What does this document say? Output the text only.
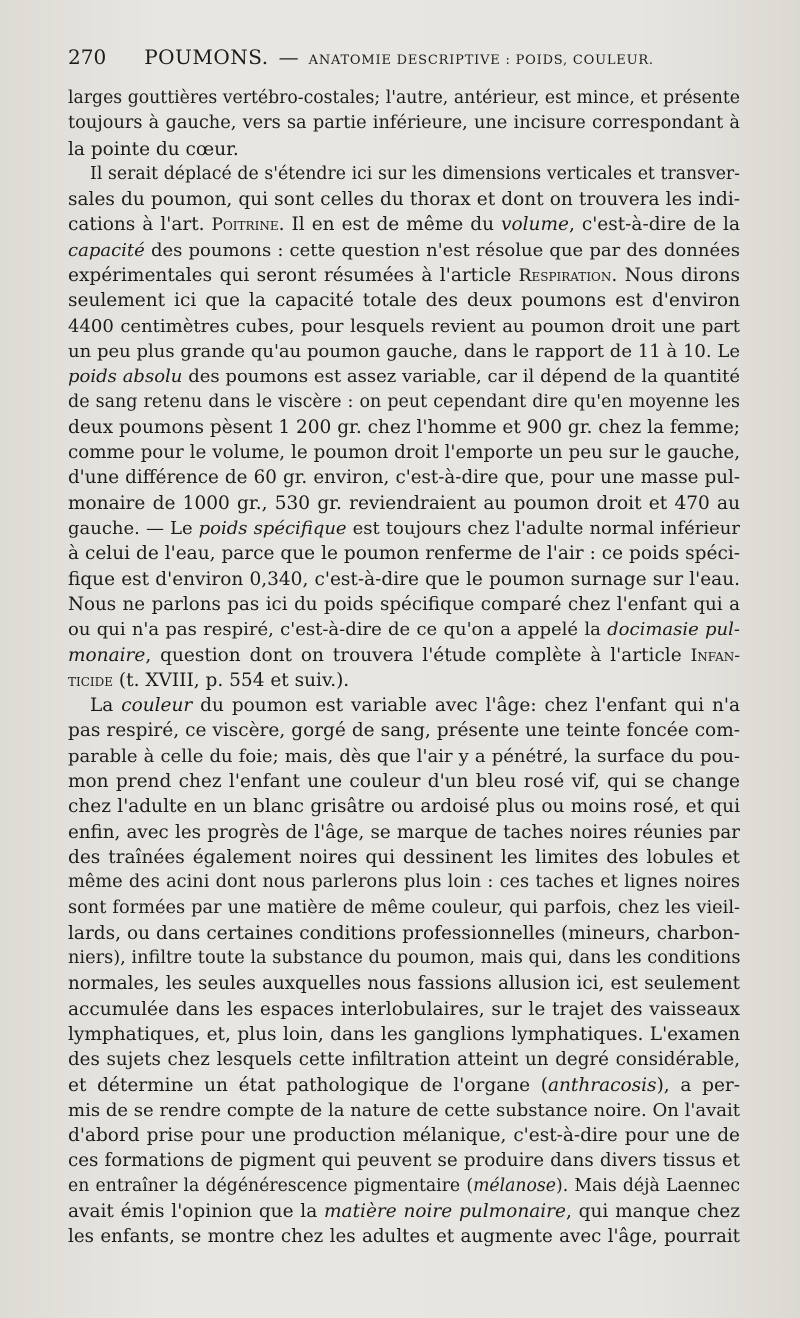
270 POUMONS. — ANATOMIE DESCRIPTIVE : POIDS, COULEUR.
larges gouttières vertébro-costales; l'autre, antérieur, est mince, et présente
toujours à gauche, vers sa partie inférieure, une incisure correspondant à
la pointe du cœur.
Il serait déplacé de s'étendre ici sur les dimensions verticales et transver-
sales du poumon, qui sont celles du thorax et dont on trouvera les indi-
cations à l'art. Poitrine. Il en est de même du volume, c'est-à-dire de la
capacité des poumons : cette question n'est résolue que par des données
expérimentales qui seront résumées à l'article Respiration. Nous dirons
seulement ici que la capacité totale des deux poumons est d'environ
4400 centimètres cubes, pour lesquels revient au poumon droit une part
un peu plus grande qu'au poumon gauche, dans le rapport de 11 à 10. Le
poids absolu des poumons est assez variable, car il dépend de la quantité
de sang retenu dans le viscère : on peut cependant dire qu'en moyenne les
deux poumons pèsent 1 200 gr. chez l'homme et 900 gr. chez la femme;
comme pour le volume, le poumon droit l'emporte un peu sur le gauche,
d'une différence de 60 gr. environ, c'est-à-dire que, pour une masse pul-
monaire de 1000 gr., 530 gr. reviendraient au poumon droit et 470 au
gauche. — Le poids spécifique est toujours chez l'adulte normal inférieur
à celui de l'eau, parce que le poumon renferme de l'air : ce poids spéci-
fique est d'environ 0,340, c'est-à-dire que le poumon surnage sur l'eau.
Nous ne parlons pas ici du poids spécifique comparé chez l'enfant qui a
ou qui n'a pas respiré, c'est-à-dire de ce qu'on a appelé la docimasie pul-
monaire, question dont on trouvera l'étude complète à l'article Infan-
ticide (t. XVIII, p. 554 et suiv.).
La couleur du poumon est variable avec l'âge: chez l'enfant qui n'a
pas respiré, ce viscère, gorgé de sang, présente une teinte foncée com-
parable à celle du foie; mais, dès que l'air y a pénétré, la surface du pou-
mon prend chez l'enfant une couleur d'un bleu rosé vif, qui se change
chez l'adulte en un blanc grisâtre ou ardoisé plus ou moins rosé, et qui
enfin, avec les progrès de l'âge, se marque de taches noires réunies par
des traînées également noires qui dessinent les limites des lobules et
même des acini dont nous parlerons plus loin : ces taches et lignes noires
sont formées par une matière de même couleur, qui parfois, chez les vieil-
lards, ou dans certaines conditions professionnelles (mineurs, charbon-
niers), infiltre toute la substance du poumon, mais qui, dans les conditions
normales, les seules auxquelles nous fassions allusion ici, est seulement
accumulée dans les espaces interlobulaires, sur le trajet des vaisseaux
lymphatiques, et, plus loin, dans les ganglions lymphatiques. L'examen
des sujets chez lesquels cette infiltration atteint un degré considérable,
et détermine un état pathologique de l'organe (anthracosis), a per-
mis de se rendre compte de la nature de cette substance noire. On l'avait
d'abord prise pour une production mélanique, c'est-à-dire pour une de
ces formations de pigment qui peuvent se produire dans divers tissus et
en entraîner la dégénérescence pigmentaire (mélanose). Mais déjà Laennec
avait émis l'opinion que la matière noire pulmonaire, qui manque chez
les enfants, se montre chez les adultes et augmente avec l'âge, pourrait
